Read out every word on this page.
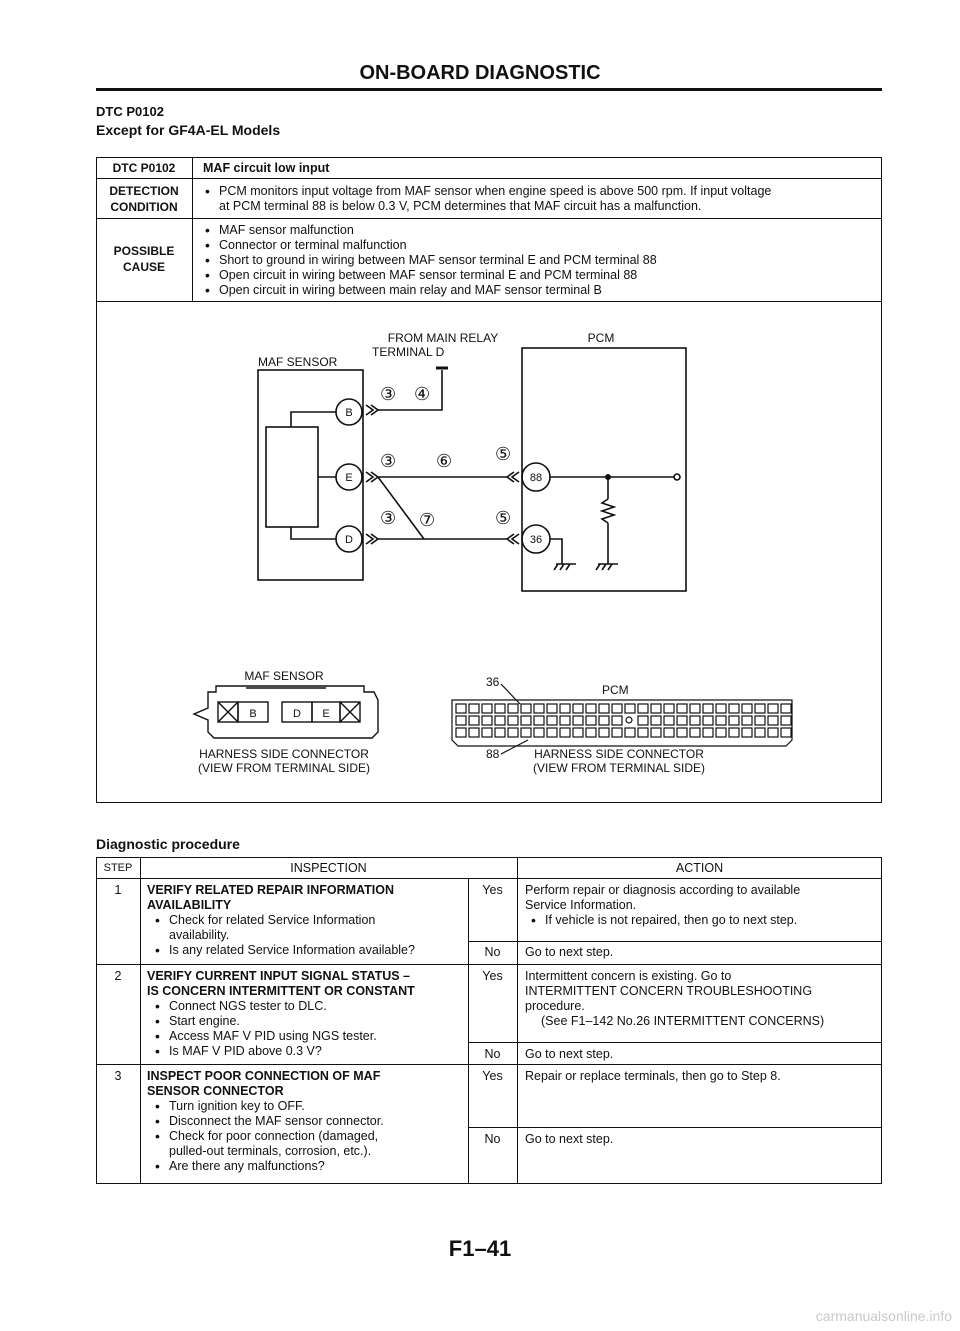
ON-BOARD DIAGNOSTIC
DTC P0102
Except for GF4A-EL Models
DTC P0102	MAF circuit low input
DETECTION
CONDITION
• PCM monitors input voltage from MAF sensor when engine speed is above 500 rpm. If input voltage
at PCM terminal 88 is below 0.3 V, PCM determines that MAF circuit has a malfunction.
POSSIBLE
CAUSE
• MAF sensor malfunction
• Connector or terminal malfunction
• Short to ground in wiring between MAF sensor terminal E and PCM terminal 88
• Open circuit in wiring between MAF sensor terminal E and PCM terminal 88
• Open circuit in wiring between main relay and MAF sensor terminal B
FROM MAIN RELAY
TERMINAL D
MAF SENSOR
PCM
B
E
D
88
36
③ ④
③ ⑥ ⑤
③ ⑦	⑤
MAF SENSOR
B	D E
HARNESS SIDE CONNECTOR
(VIEW FROM TERMINAL SIDE)
36
PCM
88	HARNESS SIDE CONNECTOR
(VIEW FROM TERMINAL SIDE)
Diagnostic procedure
STEP	INSPECTION	ACTION
1	VERIFY RELATED REPAIR INFORMATION
AVAILABILITY
• Check for related Service Information
availability.
• Is any related Service Information available?
Yes	Perform repair or diagnosis according to available
Service Information.
• If vehicle is not repaired, then go to next step.
No	Go to next step.
2	VERIFY CURRENT INPUT SIGNAL STATUS –
IS CONCERN INTERMITTENT OR CONSTANT
• Connect NGS tester to DLC.
• Start engine.
• Access MAF V PID using NGS tester.
• Is MAF V PID above 0.3 V?
Yes	Intermittent concern is existing. Go to
INTERMITTENT CONCERN TROUBLESHOOTING
procedure.
(See F1–142 No.26 INTERMITTENT CONCERNS)
No	Go to next step.
3	INSPECT POOR CONNECTION OF MAF
SENSOR CONNECTOR
• Turn ignition key to OFF.
• Disconnect the MAF sensor connector.
• Check for poor connection (damaged,
pulled-out terminals, corrosion, etc.).
• Are there any malfunctions?
Yes	Repair or replace terminals, then go to Step 8.
No	Go to next step.
F1–41
carmanualsonline.info
